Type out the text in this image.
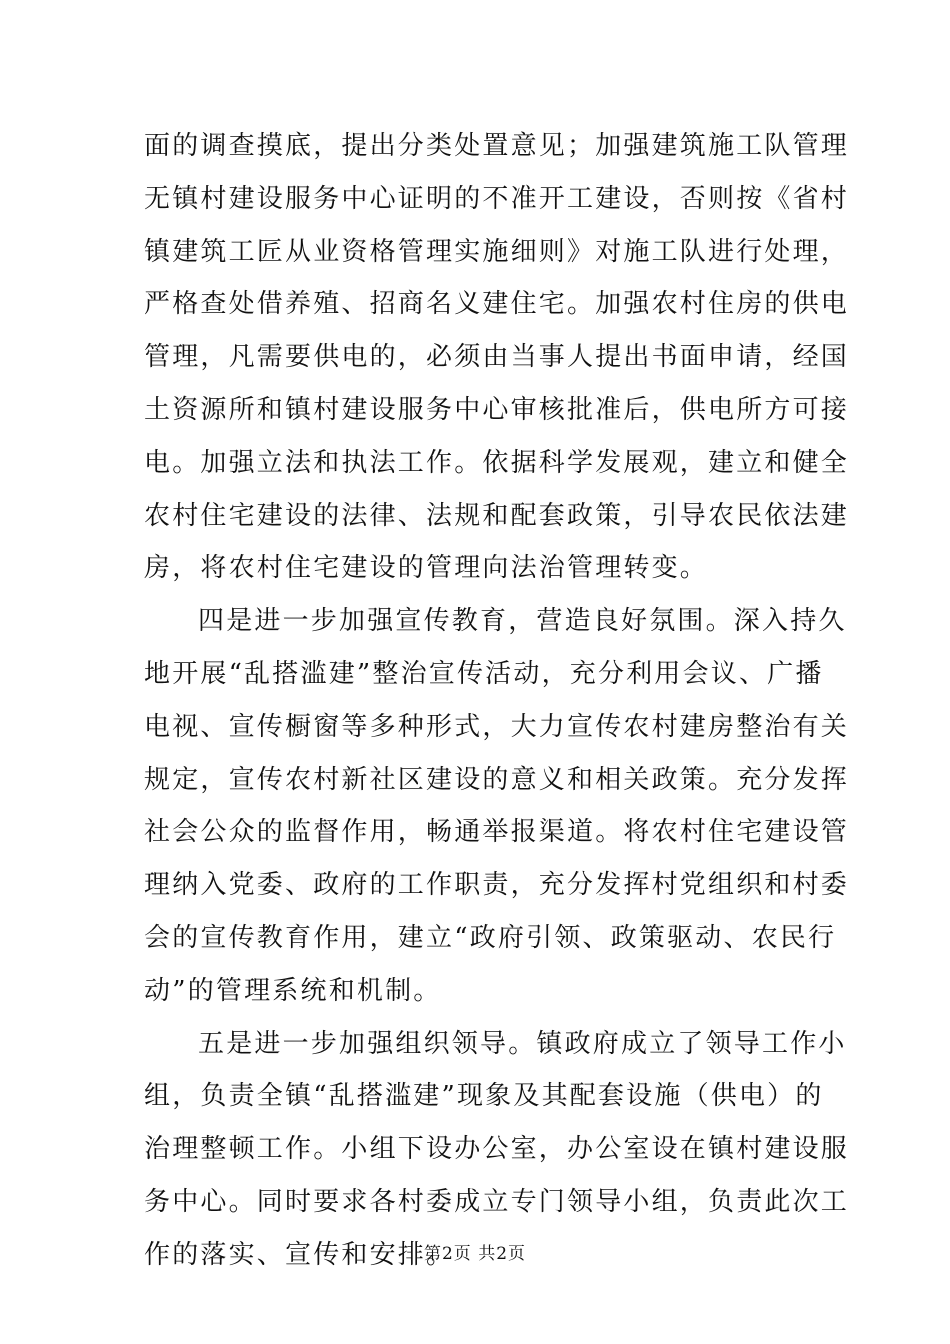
面的调查摸底，提出分类处置意见；加强建筑施工队管理
无镇村建设服务中心证明的不准开工建设，否则按《省村
镇建筑工匠从业资格管理实施细则》对施工队进行处理，
严格查处借养殖、招商名义建住宅。加强农村住房的供电
管理，凡需要供电的，必须由当事人提出书面申请，经国
土资源所和镇村建设服务中心审核批准后，供电所方可接
电。加强立法和执法工作。依据科学发展观，建立和健全
农村住宅建设的法律、法规和配套政策，引导农民依法建
房，将农村住宅建设的管理向法治管理转变。
四是进一步加强宣传教育，营造良好氛围。深入持久
地开展“乱搭滥建”整治宣传活动，充分利用会议、广播
电视、宣传橱窗等多种形式，大力宣传农村建房整治有关
规定，宣传农村新社区建设的意义和相关政策。充分发挥
社会公众的监督作用，畅通举报渠道。将农村住宅建设管
理纳入党委、政府的工作职责，充分发挥村党组织和村委
会的宣传教育作用，建立“政府引领、政策驱动、农民行
动”的管理系统和机制。
五是进一步加强组织领导。镇政府成立了领导工作小
组，负责全镇“乱搭滥建”现象及其配套设施（供电）的
治理整顿工作。小组下设办公室，办公室设在镇村建设服
务中心。同时要求各村委成立专门领导小组，负责此次工
作的落实、宣传和安排。
第2页 共2页
